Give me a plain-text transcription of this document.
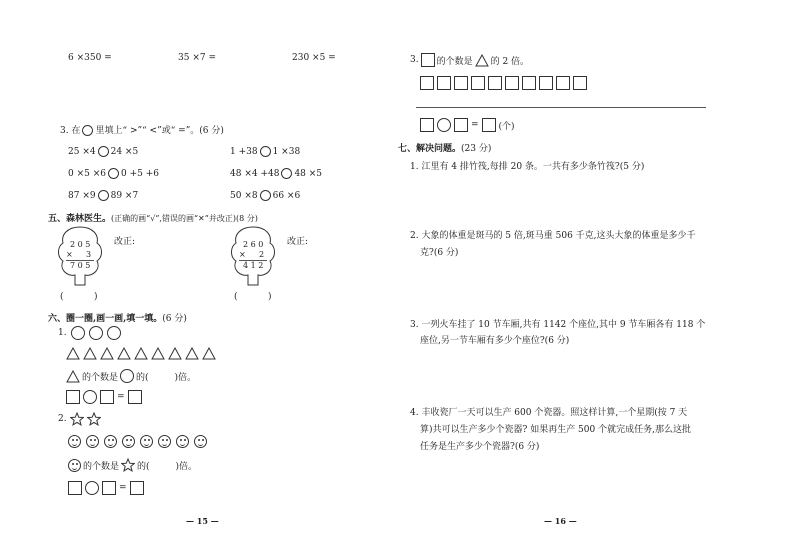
6 ×350 =	35 ×7 =	230 ×5 =
3. 在 里填上“ >”“ <”或“ =”。(6 分)
25 ×4 24 ×5	1 +38 1 ×38
0 ×5 ×6 0 +5 +6	48 ×4 +48 48 ×5
87 ×9 89 ×7	50 ×8 66 ×6
五、森林医生。(正确的画“√”,错误的画“✕”并改正)(8 分)
2 0 5
× 3
7 0 5
改正:
(	)
2 6 0
× 2
4 1 2
改正:
(	)
六、圈一圈,画一画,填一填。(6 分)
1.
的个数是 的(	)倍。
=
2.
的个数是 的(	)倍。
=
— 15 —
3. 的个数是 的 2 倍。
= (个)
七、解决问题。(23 分)
1. 江里有 4 排竹筏,每排 20 条。一共有多少条竹筏?(5 分)
2. 大象的体重是斑马的 5 倍,斑马重 506 千克,这头大象的体重是多少千
克?(6 分)
3. 一列火车挂了 10 节车厢,共有 1142 个座位,其中 9 节车厢各有 118 个
座位,另一节车厢有多少个座位?(6 分)
4. 丰收瓷厂一天可以生产 600 个瓷器。照这样计算,一个星期(按 7 天
算)共可以生产多少个瓷器? 如果再生产 500 个就完成任务,那么这批
任务是生产多少个瓷器?(6 分)
— 16 —
